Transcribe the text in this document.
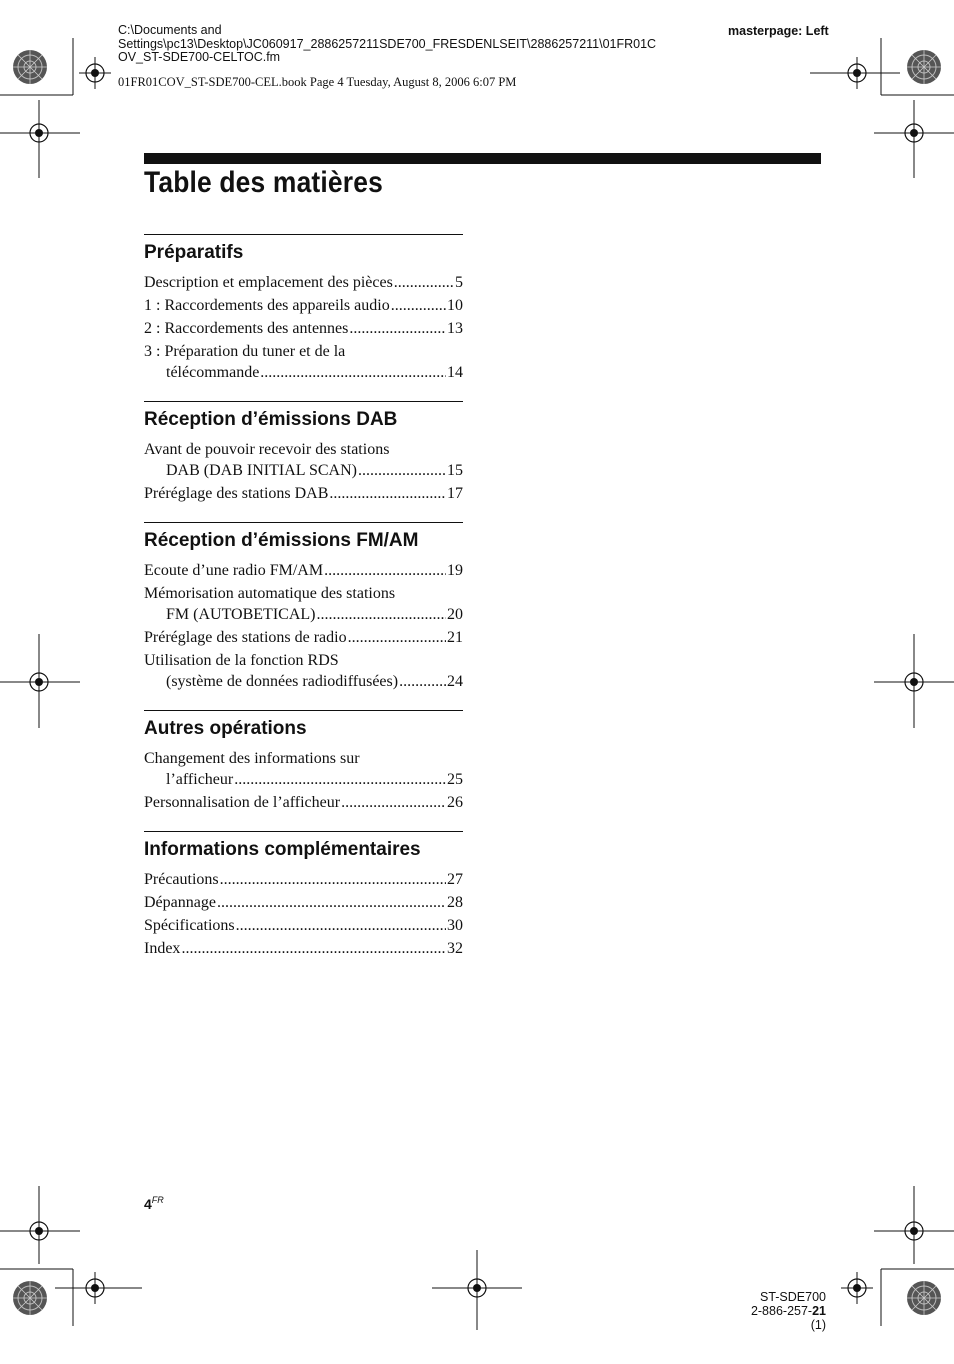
C:\Documents and
Settings\pc13\Desktop\JC060917_2886257211SDE700_FRESDENLSEIT\2886257211\01FR01C
OV_ST-SDE700-CELTOC.fm
masterpage: Left
01FR01COV_ST-SDE700-CEL.book Page 4 Tuesday, August 8, 2006 6:07 PM
Table des matières
Préparatifs
Description et emplacement des pièces .....	5
1 : Raccordements des appareils audio .....	10
2 : Raccordements des antennes .....	13
3 : Préparation du tuner et de la
télécommande .....	14
Réception d’émissions DAB
Avant de pouvoir recevoir des stations
DAB (DAB INITIAL SCAN) .....	15
Préréglage des stations DAB .....	17
Réception d’émissions FM/AM
Ecoute d’une radio FM/AM .....	19
Mémorisation automatique des stations
FM (AUTOBETICAL) .....	20
Préréglage des stations de radio .....	21
Utilisation de la fonction RDS
(système de données radiodiffusées) .....	24
Autres opérations
Changement des informations sur
l’afficheur .....	25
Personnalisation de l’afficheur .....	26
Informations complémentaires
Précautions .....	27
Dépannage .....	28
Spécifications .....	30
Index .....	32
$4^{FR}$
ST-SDE700
2-886-257-21 (1)
